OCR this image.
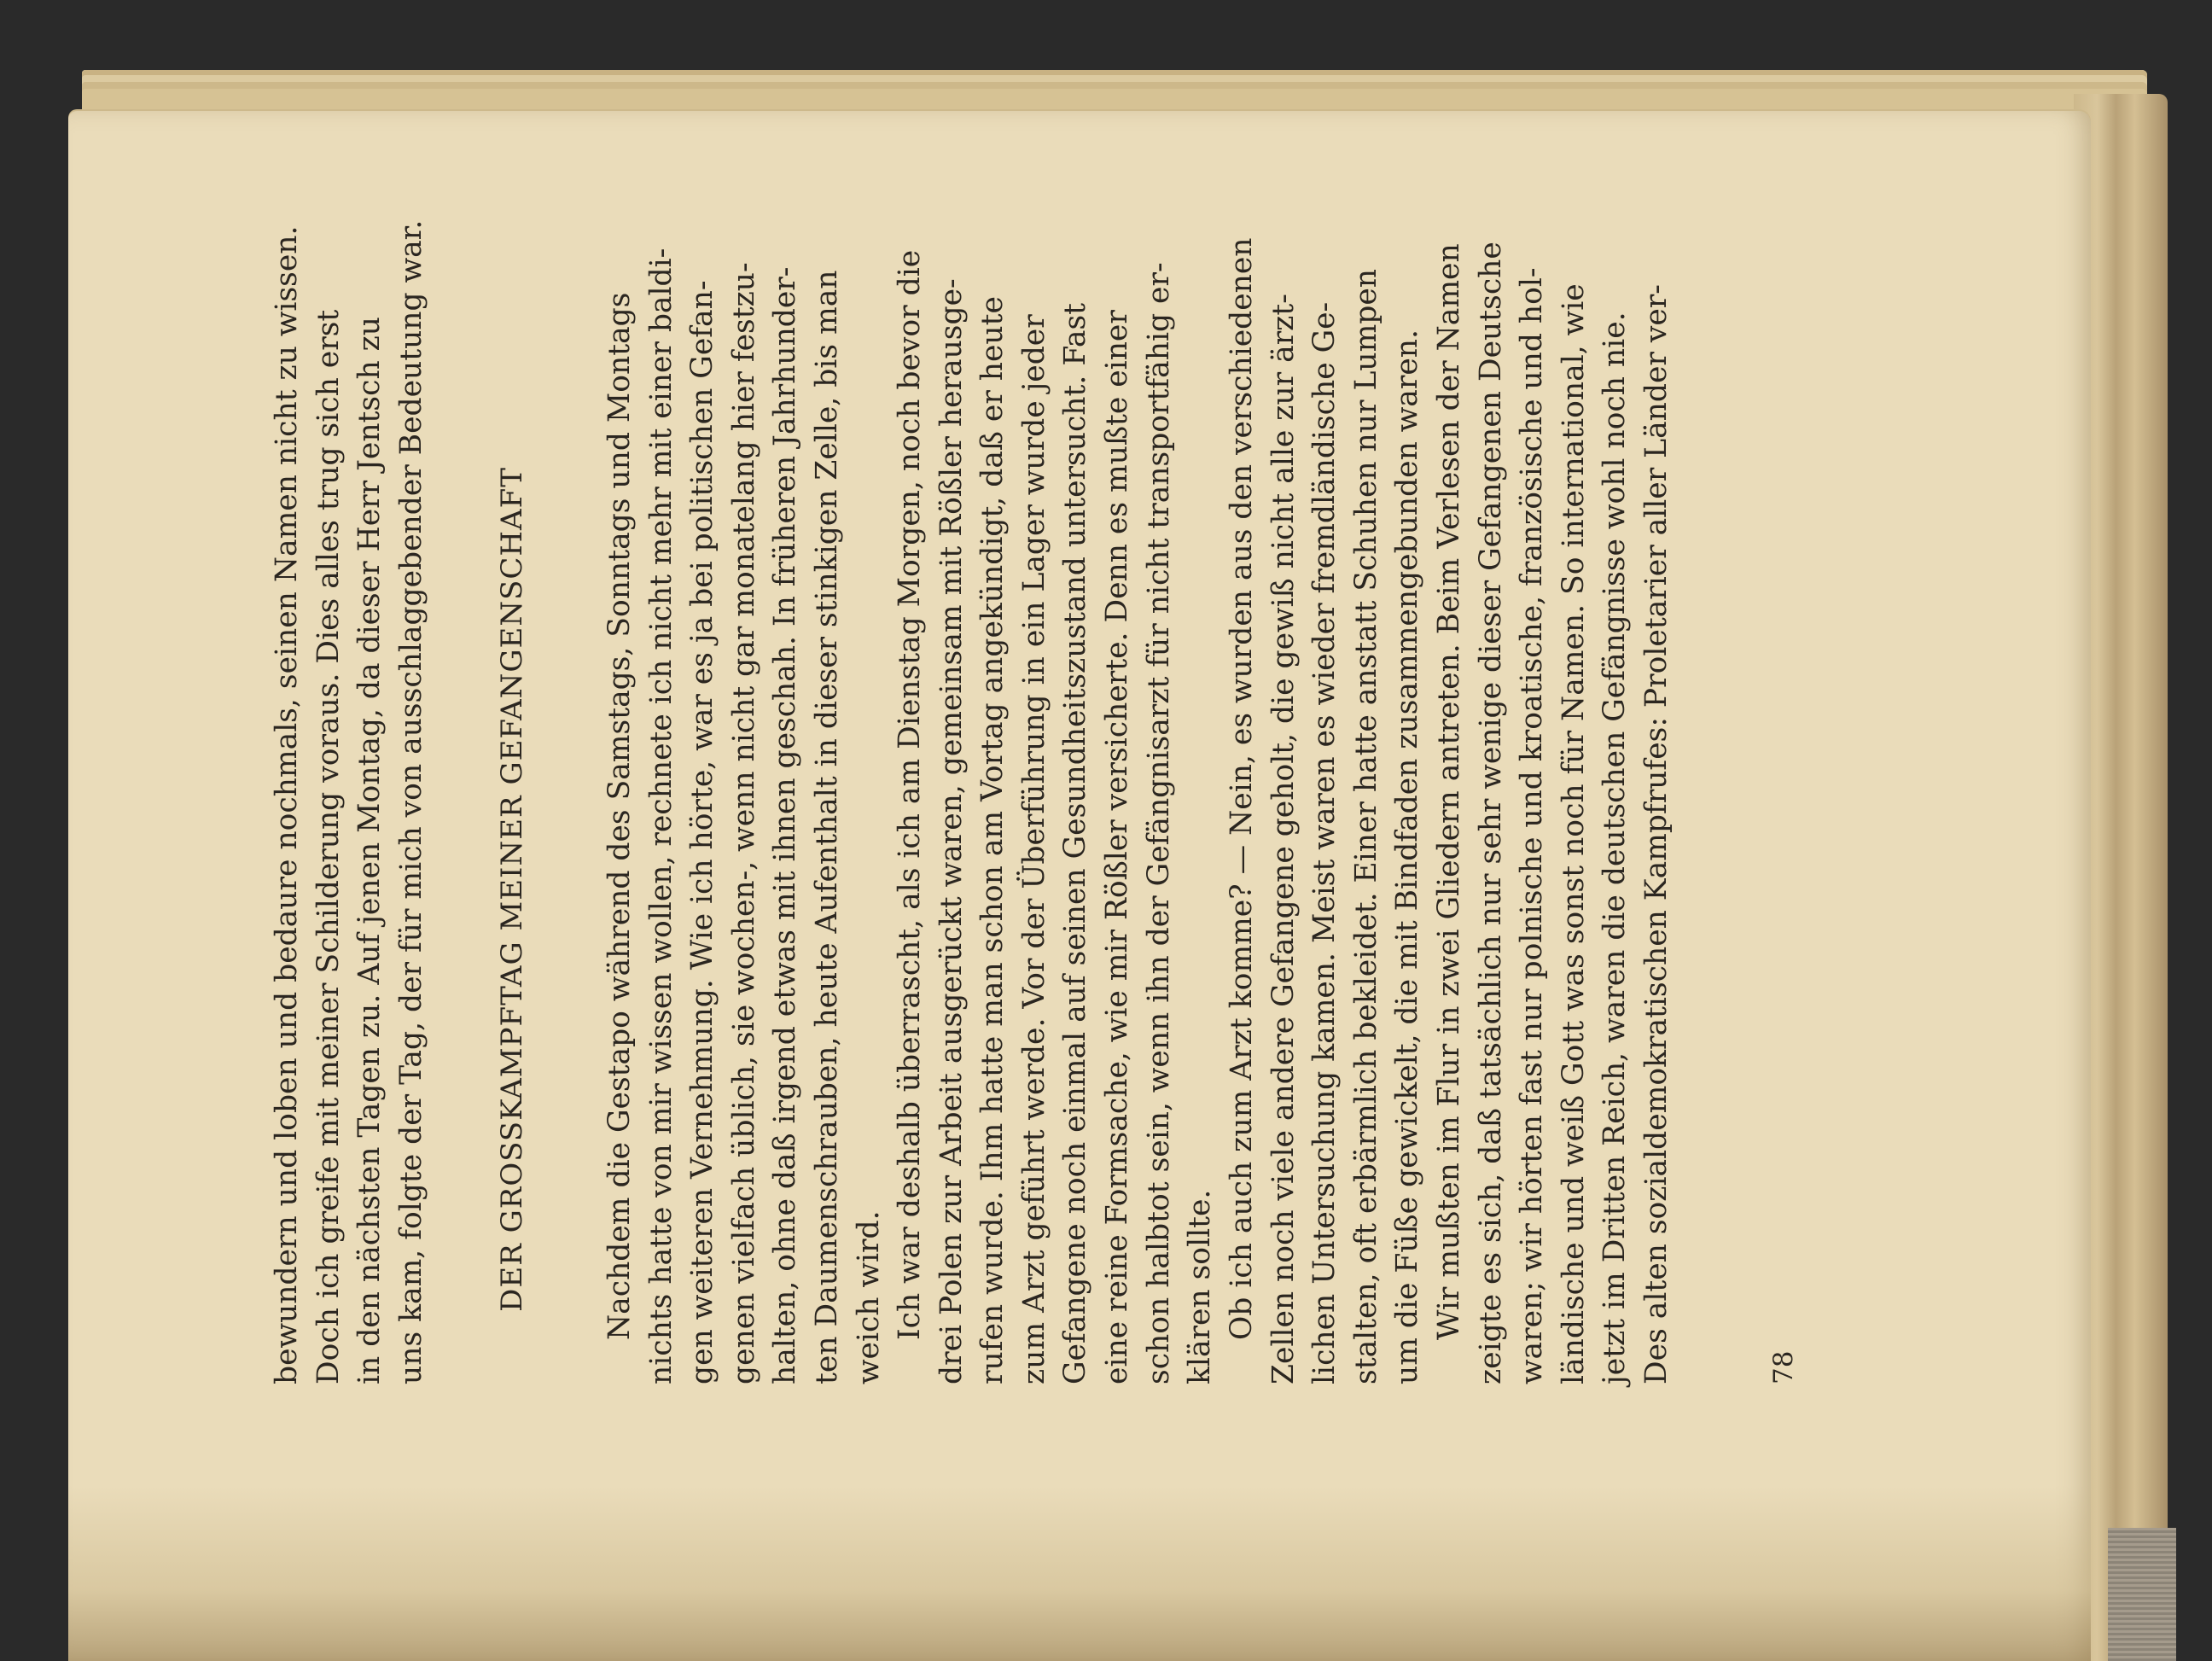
bewundern und loben und bedaure nochmals, seinen Namen nicht zu wissen. Doch ich greife mit meiner Schilderung voraus. Dies alles trug sich erst in den nächsten Tagen zu. Auf jenen Montag, da dieser Herr Jentsch zu uns kam, folgte der Tag, der für mich von ausschlaggebender Bedeutung war. DER GROSSKAMPFTAG MEINER GEFANGENSCHAFT Nachdem die Gestapo während des Samstags, Sonntags und Montags nichts hatte von mir wissen wollen, rechnete ich nicht mehr mit einer baldi- gen weiteren Vernehmung. Wie ich hörte, war es ja bei politischen Gefan- genen vielfach üblich, sie wochen-, wenn nicht gar monatelang hier festzu- halten, ohne daß irgend etwas mit ihnen geschah. In früheren Jahrhunder- ten Daumenschrauben, heute Aufenthalt in dieser stinkigen Zelle, bis man weich wird. Ich war deshalb überrascht, als ich am Dienstag Morgen, noch bevor die drei Polen zur Arbeit ausgerückt waren, gemeinsam mit Rößler herausge- rufen wurde. Ihm hatte man schon am Vortag angekündigt, daß er heute zum Arzt geführt werde. Vor der Überführung in ein Lager wurde jeder Gefangene noch einmal auf seinen Gesundheitszustand untersucht. Fast eine reine Formsache, wie mir Rößler versicherte. Denn es mußte einer schon halbtot sein, wenn ihn der Gefängnisarzt für nicht transportfähig er- klären sollte. Ob ich auch zum Arzt komme? — Nein, es wurden aus den verschiedenen Zellen noch viele andere Gefangene geholt, die gewiß nicht alle zur ärzt- lichen Untersuchung kamen. Meist waren es wieder fremdländische Ge- stalten, oft erbärmlich bekleidet. Einer hatte anstatt Schuhen nur Lumpen um die Füße gewickelt, die mit Bindfaden zusammengebunden waren. Wir mußten im Flur in zwei Gliedern antreten. Beim Verlesen der Namen zeigte es sich, daß tatsächlich nur sehr wenige dieser Gefangenen Deutsche waren; wir hörten fast nur polnische und kroatische, französische und hol- ländische und weiß Gott was sonst noch für Namen. So international, wie jetzt im Dritten Reich, waren die deutschen Gefängnisse wohl noch nie. Des alten sozialdemokratischen Kampfrufes: Proletarier aller Länder ver-	78
